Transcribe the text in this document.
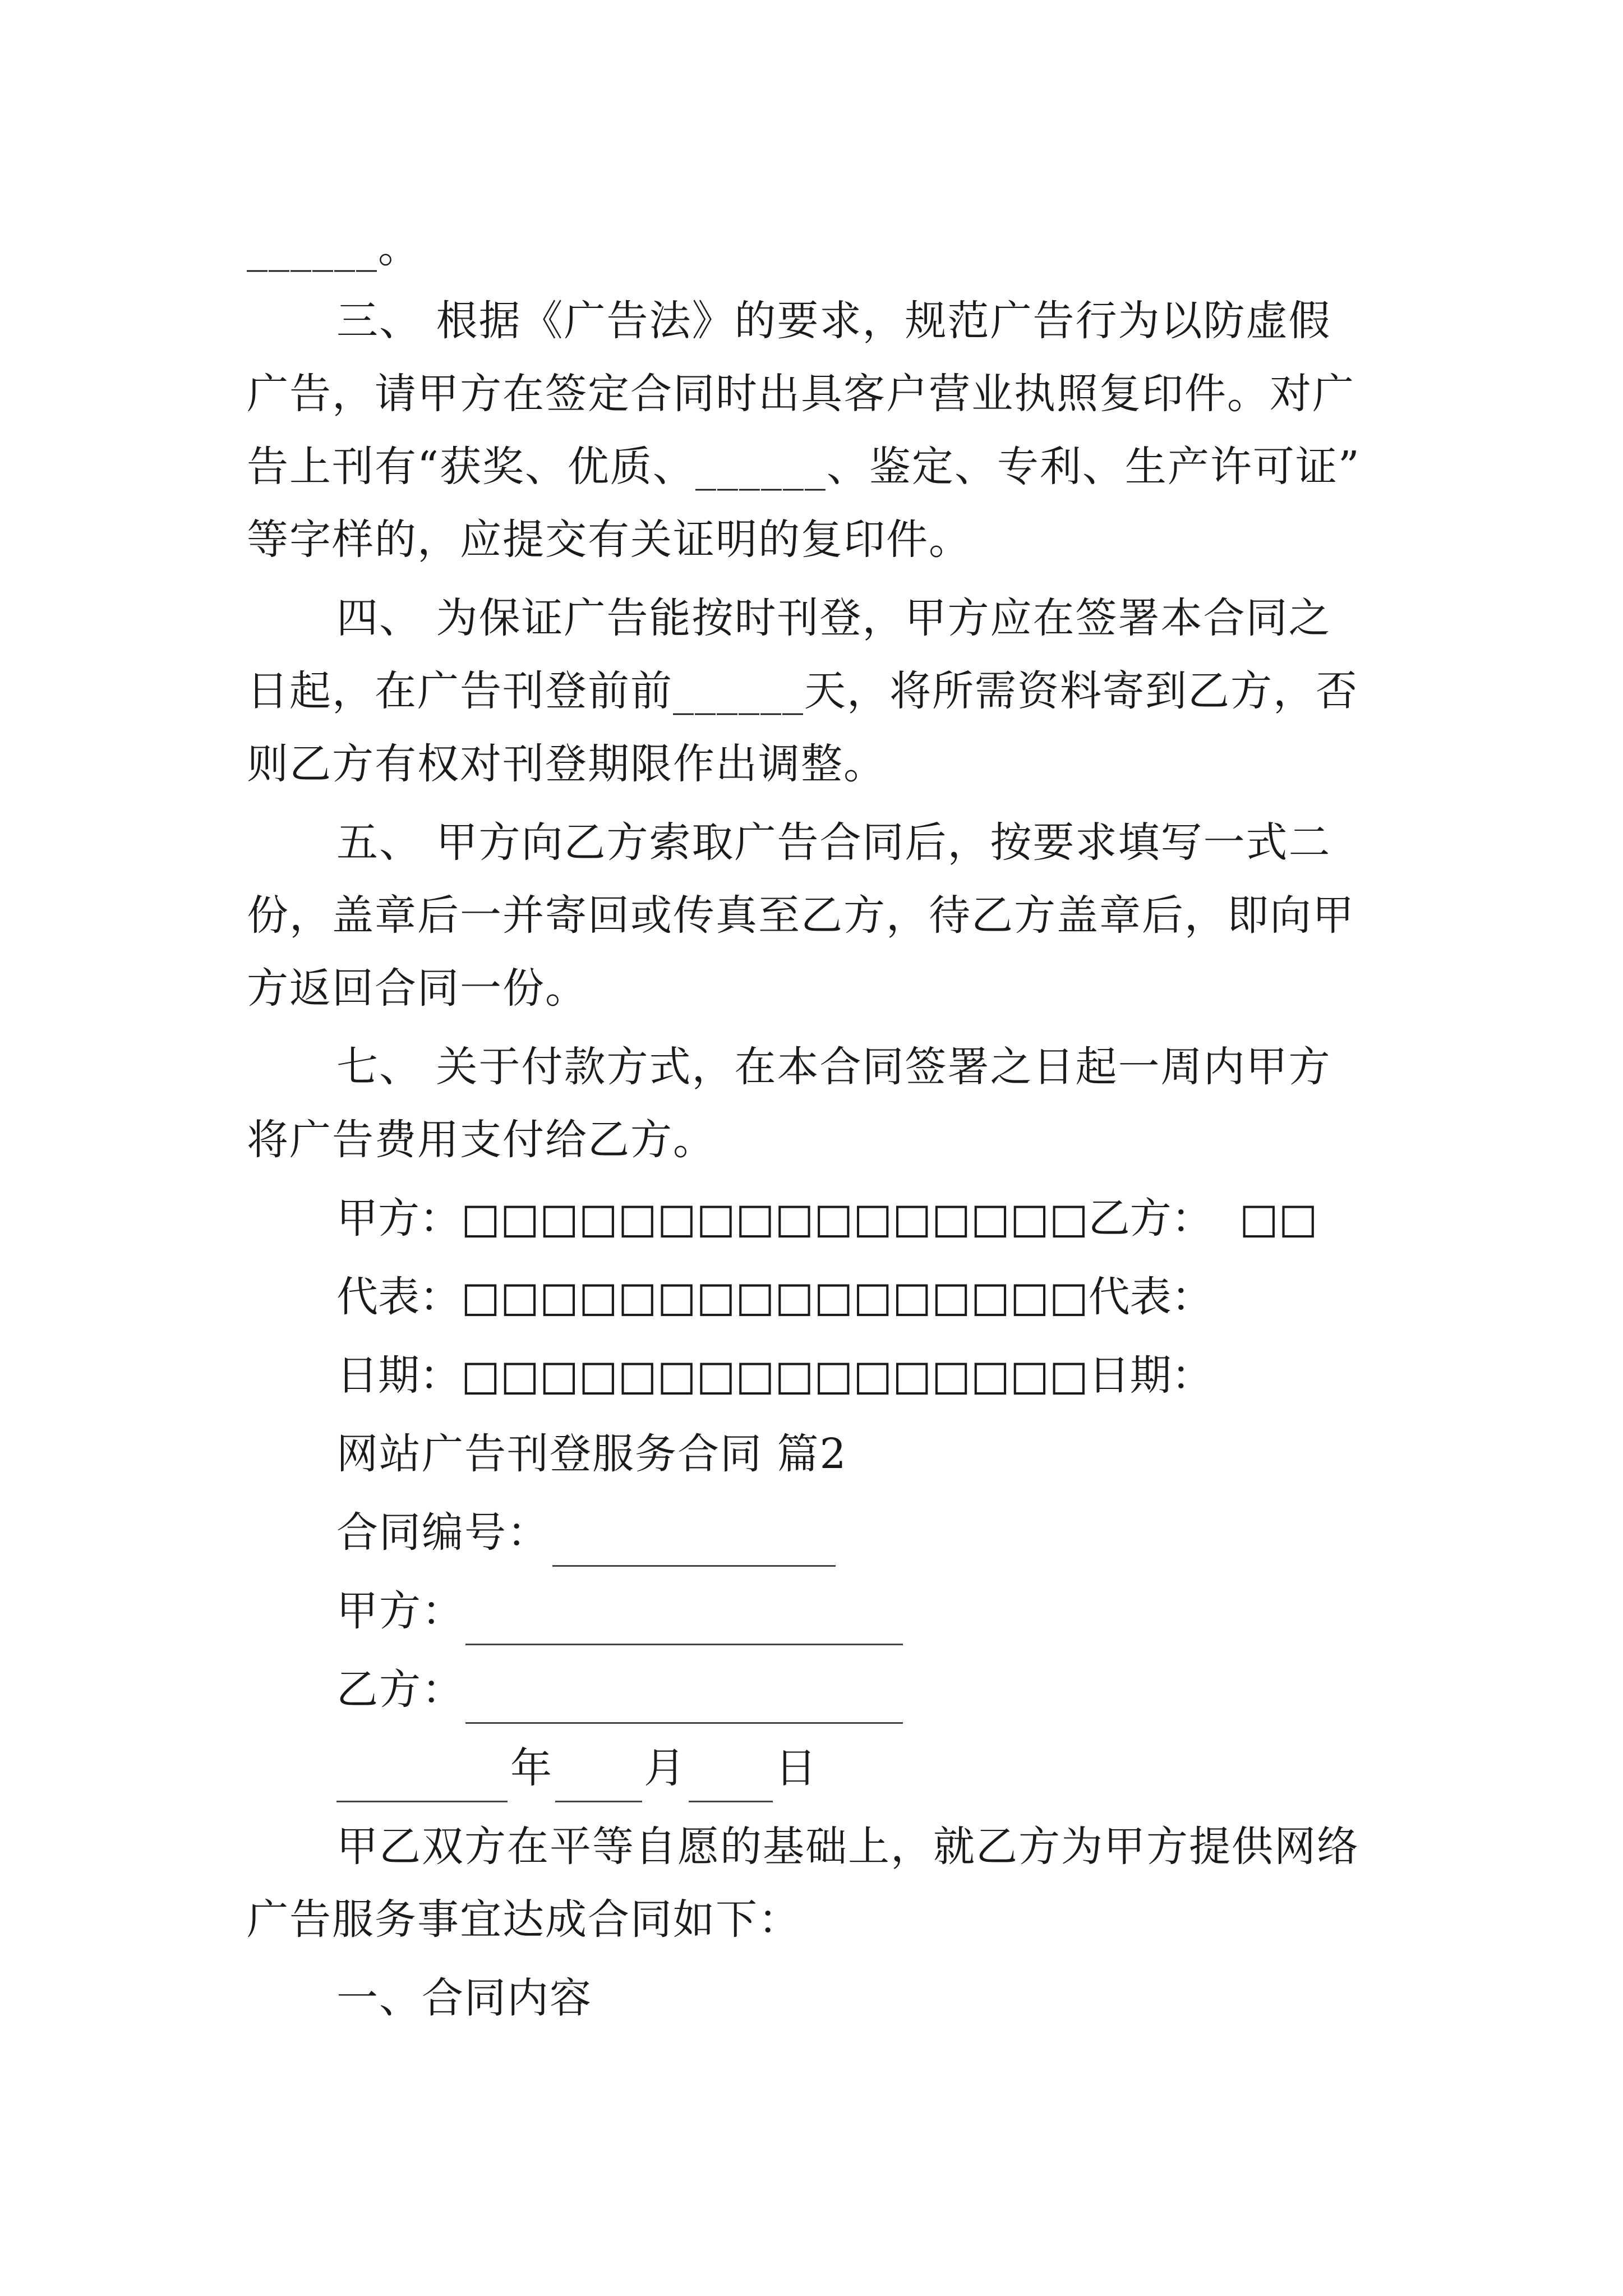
______。
三、 根据《广告法》的要求，规范广告行为以防虚假
广告，请甲方在签定合同时出具客户营业执照复印件。对广
告上刊有“获奖、优质、______、鉴定、专利、生产许可证”
等字样的，应提交有关证明的复印件。
四、 为保证广告能按时刊登，甲方应在签署本合同之
日起，在广告刊登前前______天，将所需资料寄到乙方，否
则乙方有权对刊登期限作出调整。
五、 甲方向乙方索取广告合同后，按要求填写一式二
份，盖章后一并寄回或传真至乙方，待乙方盖章后，即向甲
方返回合同一份。
七、 关于付款方式，在本合同签署之日起一周内甲方
将广告费用支付给乙方。
甲方：□□□□□□□□□□□□□□□□乙方：  □□
代表：□□□□□□□□□□□□□□□□代表：
日期：□□□□□□□□□□□□□□□□日期：
网站广告刊登服务合同 篇2
合同编号：
甲方：
乙方：
年 月 日
甲乙双方在平等自愿的基础上，就乙方为甲方提供网络
广告服务事宜达成合同如下：
一、合同内容
